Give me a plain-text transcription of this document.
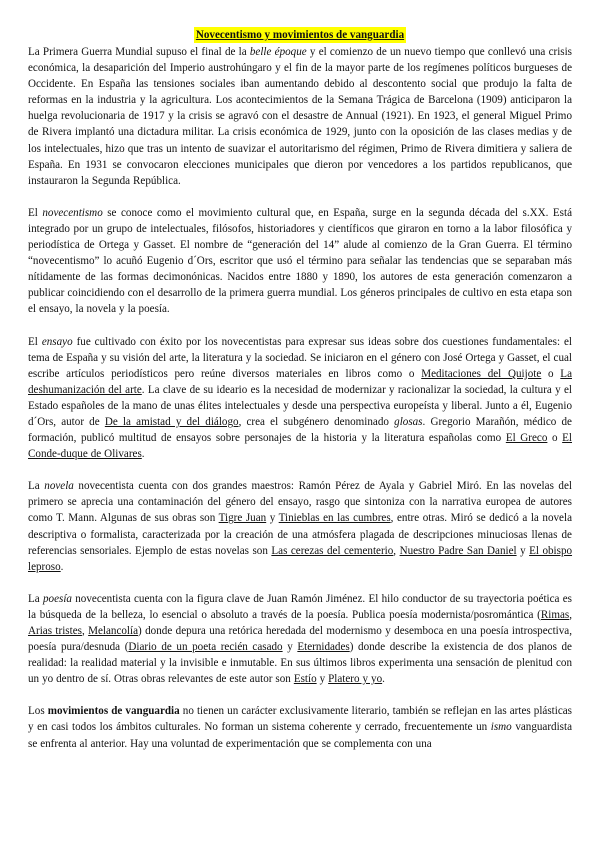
Novecentismo y movimientos de vanguardia

La Primera Guerra Mundial supuso el final de la belle époque y el comienzo de un nuevo tiempo que conllevó una crisis económica, la desaparición del Imperio austrohúngaro y el fin de la mayor parte de los regímenes políticos burgueses de Occidente. En España las tensiones sociales iban aumentando debido al descontento social que produjo la falta de reformas en la industria y la agricultura. Los acontecimientos de la Semana Trágica de Barcelona (1909) anticiparon la huelga revolucionaria de 1917 y la crisis se agravó con el desastre de Annual (1921). En 1923, el general Miguel Primo de Rivera implantó una dictadura militar. La crisis económica de 1929, junto con la oposición de las clases medias y de los intelectuales, hizo que tras un intento de suavizar el autoritarismo del régimen, Primo de Rivera dimitiera y saliera de España. En 1931 se convocaron elecciones municipales que dieron por vencedores a los partidos republicanos, que instauraron la Segunda República.

El novecentismo se conoce como el movimiento cultural que, en España, surge en la segunda década del s.XX. Está integrado por un grupo de intelectuales, filósofos, historiadores y científicos que giraron en torno a la labor filosófica y periodística de Ortega y Gasset. El nombre de “generación del 14” alude al comienzo de la Gran Guerra. El término “novecentismo” lo acuñó Eugenio d´Ors, escritor que usó el término para señalar las tendencias que se separaban más nítidamente de las formas decimonónicas. Nacidos entre 1880 y 1890, los autores de esta generación comenzaron a publicar coincidiendo con el desarrollo de la primera guerra mundial. Los géneros principales de cultivo en esta etapa son el ensayo, la novela y la poesía.

El ensayo fue cultivado con éxito por los novecentistas para expresar sus ideas sobre dos cuestiones fundamentales: el tema de España y su visión del arte, la literatura y la sociedad. Se iniciaron en el género con José Ortega y Gasset, el cual escribe artículos periodísticos pero reúne diversos materiales en libros como o Meditaciones del Quijote o La deshumanización del arte. La clave de su ideario es la necesidad de modernizar y racionalizar la sociedad, la cultura y el Estado españoles de la mano de unas élites intelectuales y desde una perspectiva europeísta y liberal. Junto a él, Eugenio d´Ors, autor de De la amistad y del diálogo, crea el subgénero denominado glosas. Gregorio Marañón, médico de formación, publicó multitud de ensayos sobre personajes de la historia y la literatura españolas como El Greco o El Conde-duque de Olivares.

La novela novecentista cuenta con dos grandes maestros: Ramón Pérez de Ayala y Gabriel Miró. En las novelas del primero se aprecia una contaminación del género del ensayo, rasgo que sintoniza con la narrativa europea de autores como T. Mann. Algunas de sus obras son Tigre Juan y Tinieblas en las cumbres, entre otras. Miró se dedicó a la novela descriptiva o formalista, caracterizada por la creación de una atmósfera plagada de descripciones minuciosas llenas de referencias sensoriales. Ejemplo de estas novelas son Las cerezas del cementerio, Nuestro Padre San Daniel y El obispo leproso.

La poesía novecentista cuenta con la figura clave de Juan Ramón Jiménez. El hilo conductor de su trayectoria poética es la búsqueda de la belleza, lo esencial o absoluto a través de la poesía. Publica poesía modernista/posromántica (Rimas, Arias tristes, Melancolía) donde depura una retórica heredada del modernismo y desemboca en una poesía introspectiva, poesía pura/desnuda (Diario de un poeta recién casado y Eternidades) donde describe la existencia de dos planos de realidad: la realidad material y la invisible e inmutable. En sus últimos libros experimenta una sensación de plenitud con un yo dentro de sí. Otras obras relevantes de este autor son Estío y Platero y yo.

Los movimientos de vanguardia no tienen un carácter exclusivamente literario, también se reflejan en las artes plásticas y en casi todos los ámbitos culturales. No forman un sistema coherente y cerrado, frecuentemente un ismo vanguardista se enfrenta al anterior. Hay una voluntad de experimentación que se complementa con una
